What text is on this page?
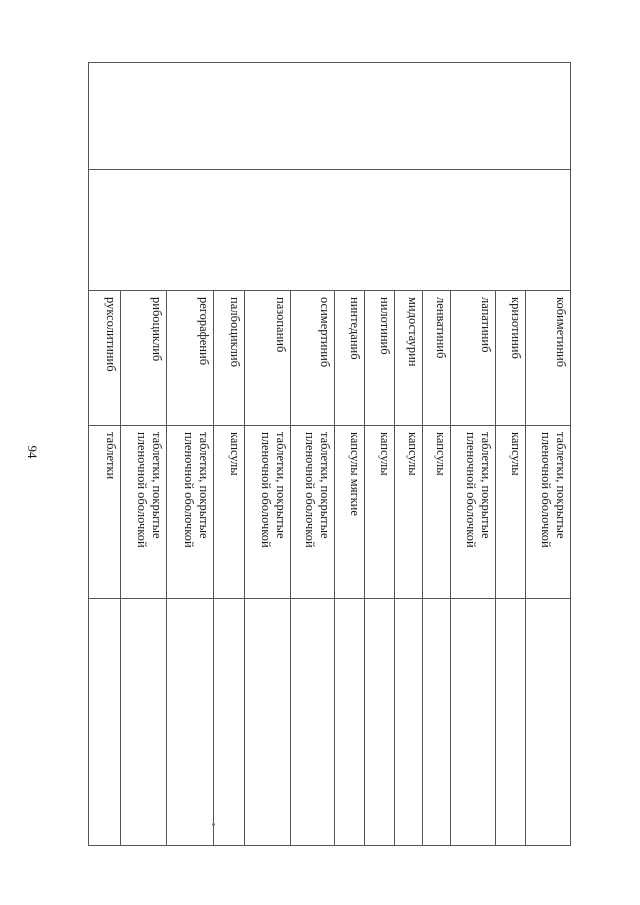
94
		кобиметиниб	таблетки, покрытые пленочной оболочкой	
		кризотиниб	капсулы	
		лапатиниб	таблетки, покрытые пленочной оболочкой	
		ленватиниб	капсулы	
		мидостаурин	капсулы	
		нилотиниб	капсулы	
		нинтеданиб	капсулы мягкие	
		осимертиниб	таблетки, покрытые пленочной оболочкой	
		пазопаниб	таблетки, покрытые пленочной оболочкой	
		палбоциклиб	капсулы	
		регорафениб	таблетки, покрытые пленочной оболочкой	
		рибоциклиб	таблетки, покрытые пленочной оболочкой	
		руксолитиниб	таблетки	
